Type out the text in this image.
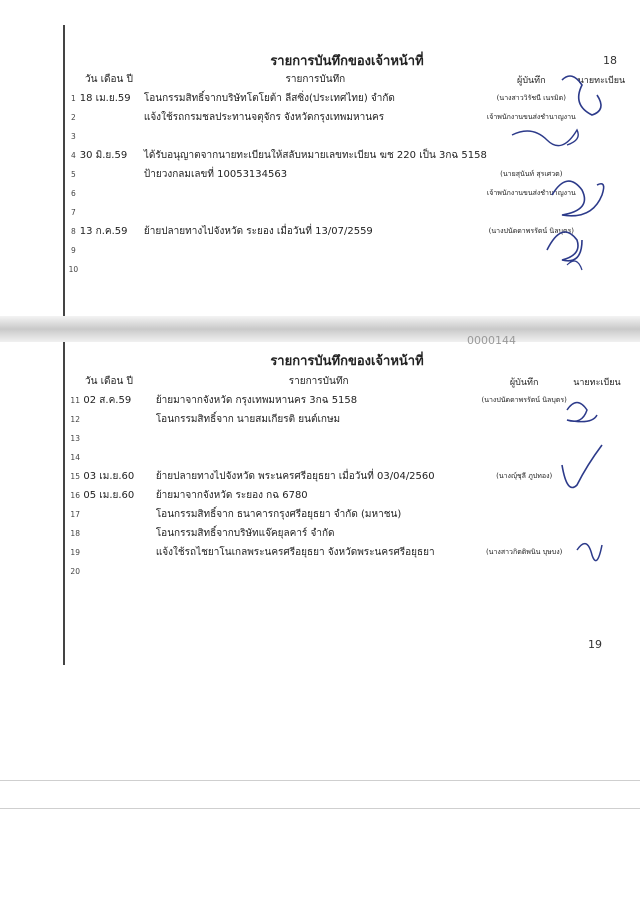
รายการบันทึกของเจ้าหน้าที่	18
วัน เดือน ปี		รายการบันทึก	ผู้บันทึก	นายทะเบียน
1	18 เม.ย.59	โอนกรรมสิทธิ์จากบริษัทโตโยต้า ลีสซิ่ง(ประเทศไทย) จำกัด	(นางสาววิรัชนี เนรมิต)	
2		แจ้งใช้รถกรมชลประทานจตุจักร จังหวัดกรุงเทพมหานคร	เจ้าพนักงานขนส่งชำนาญงาน	
3				
4	30 มิ.ย.59	ได้รับอนุญาตจากนายทะเบียนให้สลับหมายเลขทะเบียน ฆช 220 เป็น 3กฉ 5158		
5		ป้ายวงกลมเลขที่ 10053134563	(นายสุนันท์ สุรเศวต)	
6			เจ้าพนักงานขนส่งชำนาญงาน	
7				
8	13 ก.ค.59	ย้ายปลายทางไปจังหวัด ระยอง เมื่อวันที่ 13/07/2559	(นางปนัดดาพรรัตน์ นิลบุตร)	
9				
10				
0000144
รายการบันทึกของเจ้าหน้าที่
วัน เดือน ปี		รายการบันทึก	ผู้บันทึก	นายทะเบียน
11	02 ส.ค.59	ย้ายมาจากจังหวัด กรุงเทพมหานคร 3กฉ 5158	(นางปนัดดาพรรัตน์ นิลบุตร)	
12		โอนกรรมสิทธิ์จาก นายสมเกียรติ ยนต์เกษม		
13				
14				
15	03 เม.ย.60	ย้ายปลายทางไปจังหวัด พระนครศรีอยุธยา เมื่อวันที่ 03/04/2560	(นางญุ์ชุลี ภูปทอง)	
16	05 เม.ย.60	ย้ายมาจากจังหวัด ระยอง กฉ 6780		
17		โอนกรรมสิทธิ์จาก ธนาคารกรุงศรีอยุธยา จำกัด (มหาชน)		
18		โอนกรรมสิทธิ์จากบริษัทแจ๊คยุลคาร์ จำกัด		
19		แจ้งใช้รถไชยาโนเกลพระนครศรีอยุธยา จังหวัดพระนครศรีอยุธยา	(นางสาวกิตติพนิน บุษบง)	
20				
19
